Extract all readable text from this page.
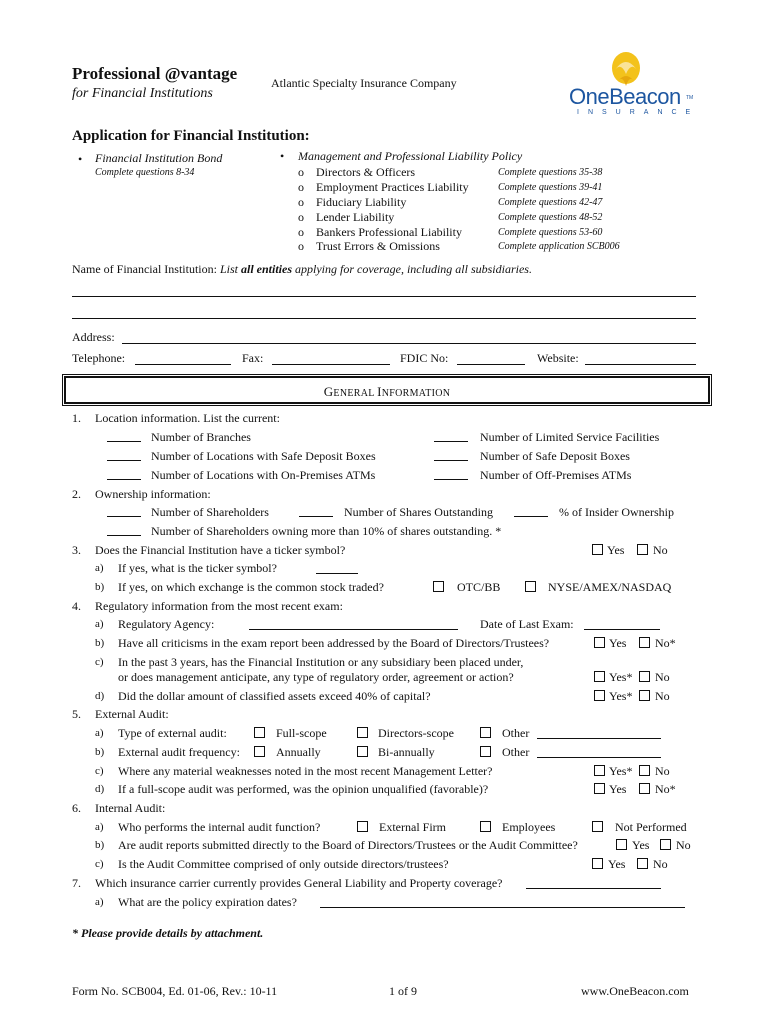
Professional @vantage
for Financial Institutions
Atlantic Specialty Insurance Company
OneBeacon TM
INSURANCE
Application for Financial Institution:
• Financial Institution Bond
Complete questions 8-34
• Management and Professional Liability Policy
o Directors & Officers	Complete questions 35-38
o Employment Practices Liability	Complete questions 39-41
o Fiduciary Liability	Complete questions 42-47
o Lender Liability	Complete questions 48-52
o Bankers Professional Liability	Complete questions 53-60
o Trust Errors & Omissions	Complete application SCB006
Name of Financial Institution: List all entities applying for coverage, including all subsidiaries.
Address:
Telephone:	Fax:	FDIC No:	Website:
GENERAL INFORMATION
1. Location information. List the current:
Number of Branches	Number of Limited Service Facilities
Number of Locations with Safe Deposit Boxes	Number of Safe Deposit Boxes
Number of Locations with On-Premises ATMs	Number of Off-Premises ATMs
2. Ownership information:
Number of Shareholders	Number of Shares Outstanding	% of Insider Ownership
Number of Shareholders owning more than 10% of shares outstanding. *
3. Does the Financial Institution have a ticker symbol?	Yes No
a) If yes, what is the ticker symbol?
b) If yes, on which exchange is the common stock traded?	OTC/BB	NYSE/AMEX/NASDAQ
4. Regulatory information from the most recent exam:
a) Regulatory Agency:	Date of Last Exam:
b) Have all criticisms in the exam report been addressed by the Board of Directors/Trustees?	Yes No*
c) In the past 3 years, has the Financial Institution or any subsidiary been placed under,
or does management anticipate, any type of regulatory order, agreement or action?	Yes* No
d) Did the dollar amount of classified assets exceed 40% of capital?	Yes* No
5. External Audit:
a) Type of external audit:	Full-scope	Directors-scope	Other
b) External audit frequency:	Annually	Bi-annually	Other
c) Where any material weaknesses noted in the most recent Management Letter?	Yes* No
d) If a full-scope audit was performed, was the opinion unqualified (favorable)?	Yes No*
6. Internal Audit:
a) Who performs the internal audit function?	External Firm	Employees	Not Performed
b) Are audit reports submitted directly to the Board of Directors/Trustees or the Audit Committee?	Yes No
c) Is the Audit Committee comprised of only outside directors/trustees?	Yes No
7. Which insurance carrier currently provides General Liability and Property coverage?
a) What are the policy expiration dates?
* Please provide details by attachment.
Form No. SCB004, Ed. 01-06, Rev.: 10-11	1 of 9	www.OneBeacon.com
